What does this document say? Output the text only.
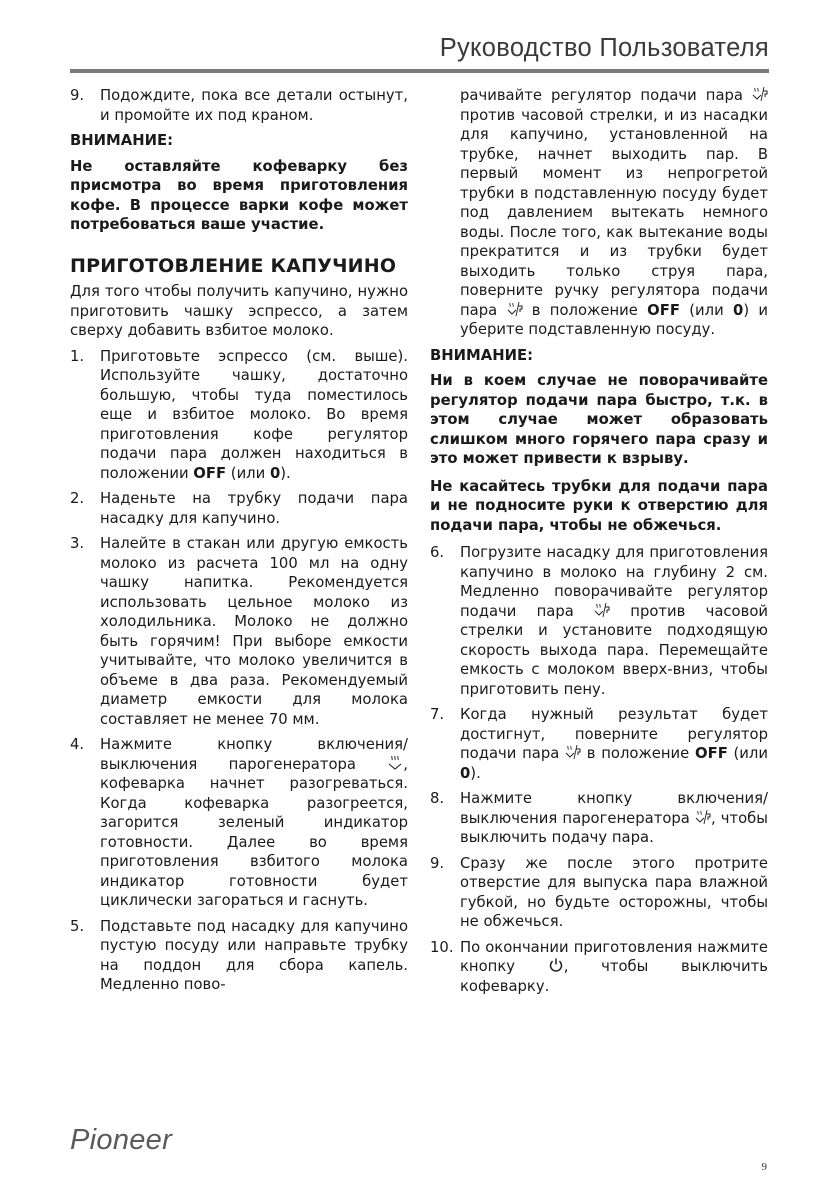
Руководство Пользователя
9.	Подождите, пока все детали остынут, и промойте их под краном.
ВНИМАНИЕ:

Не оставляйте кофеварку без присмотра во время приготовления кофе. В процессе варки кофе может потребоваться ваше участие.

ПРИГОТОВЛЕНИЕ КАПУЧИНО

Для того чтобы получить капучино, нужно приготовить чашку эспрессо, а затем сверху добавить взбитое молоко.

1.	Приготовьте эспрессо (см. выше). Используйте чашку, достаточно большую, чтобы туда поместилось еще и взбитое молоко. Во время приготовления кофе регулятор подачи пара должен находиться в положении OFF (или 0).
2.	Наденьте на трубку подачи пара насадку для капучино.
3.	Налейте в стакан или другую емкость молоко из расчета 100 мл на одну чашку напитка. Рекомендуется использовать цельное молоко из холодильника. Молоко не должно быть горячим! При выборе емкости учитывайте, что молоко увеличится в объеме в два раза. Рекомендуемый диаметр емкости для молока составляет не менее 70 мм.
4.	Нажмите кнопку включения/выключения парогенератора , кофеварка начнет разогреваться. Когда кофеварка разогреется, загорится зеленый индикатор готовности. Далее во время приготовления взбитого молока индикатор готовности будет циклически загораться и гаснуть.
5.	Подставьте под насадку для капучино пустую посуду или направьте трубку на поддон для сбора капель. Медленно пово-
рачивайте регулятор подачи пара  против часовой стрелки, и из насадки для капучино, установленной на трубке, начнет выходить пар. В первый момент из непрогретой трубки в подставленную посуду будет под давлением вытекать немного воды. После того, как вытекание воды прекратится и из трубки будет выходить только струя пара, поверните ручку регулятора подачи пара  в положение OFF (или 0) и уберите подставленную посуду.
ВНИМАНИЕ:

Ни в коем случае не поворачивайте регулятор подачи пара быстро, т.к. в этом случае может образовать слишком много горячего пара сразу и это может привести к взрыву.

Не касайтесь трубки для подачи пара и не подносите руки к отверстию для подачи пара, чтобы не обжечься.

6.	Погрузите насадку для приготовления капучино в молоко на глубину 2 см. Медленно поворачивайте регулятор подачи пара  против часовой стрелки и установите подходящую скорость выхода пара. Перемещайте емкость с молоком вверх-вниз, чтобы приготовить пену.
7.	Когда нужный результат будет достигнут, поверните регулятор подачи пара  в положение OFF (или 0).
8.	Нажмите кнопку включения/выключения парогенератора , чтобы выключить подачу пара.
9.	Сразу же после этого протрите отверстие для выпуска пара влажной губкой, но будьте осторожны, чтобы не обжечься.
10. По окончании приготовления нажмите кнопку , чтобы выключить кофеварку.
Pioneer
9
